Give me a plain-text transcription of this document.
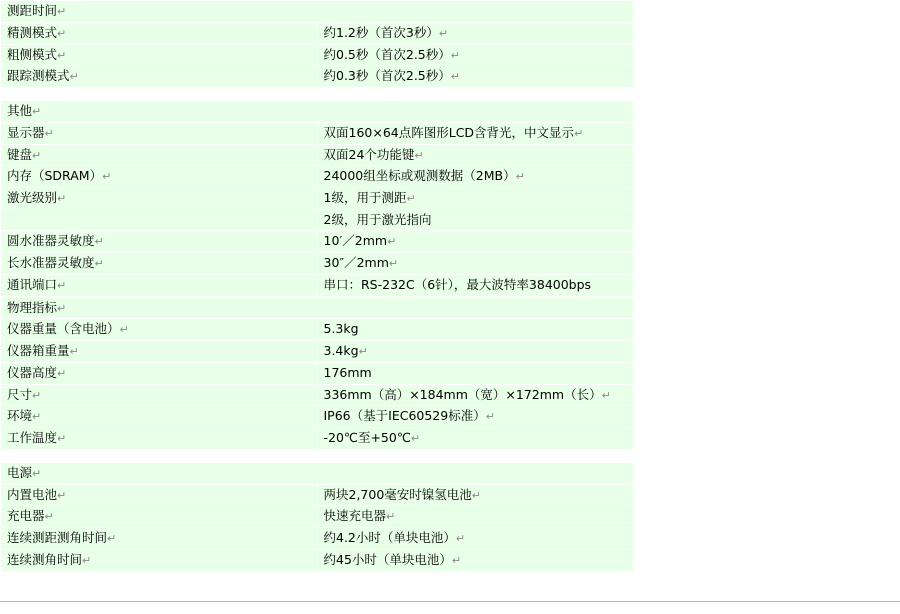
测距时间↵	
精测模式↵	约1.2秒（首次3秒）↵
粗侧模式↵	约0.5秒（首次2.5秒）↵
跟踪测模式↵	约0.3秒（首次2.5秒）↵
其他↵	
显示器↵	双面160×64点阵图形LCD含背光，中文显示↵
键盘↵	双面24个功能键↵
内存（SDRAM）↵	24000组坐标或观测数据（2MB）↵
激光级别↵	1级，用于测距↵
	2级，用于激光指向
圆水准器灵敏度↵	10′／2mm↵
长水准器灵敏度↵	30″／2mm↵
通讯端口↵	串口：RS-232C（6针），最大波特率38400bps
物理指标↵	
仪器重量（含电池）↵	5.3kg
仪器箱重量↵	3.4kg↵
仪器高度↵	176mm
尺寸↵	336mm（高）×184mm（宽）×172mm（长）↵
环境↵	IP66（基于IEC60529标准）↵
工作温度↵	-20℃至+50℃↵
电源↵	
内置电池↵	两块2,700毫安时镍氢电池↵
充电器↵	快速充电器↵
连续测距测角时间↵	约4.2小时（单块电池）↵
连续测角时间↵	约45小时（单块电池）↵
